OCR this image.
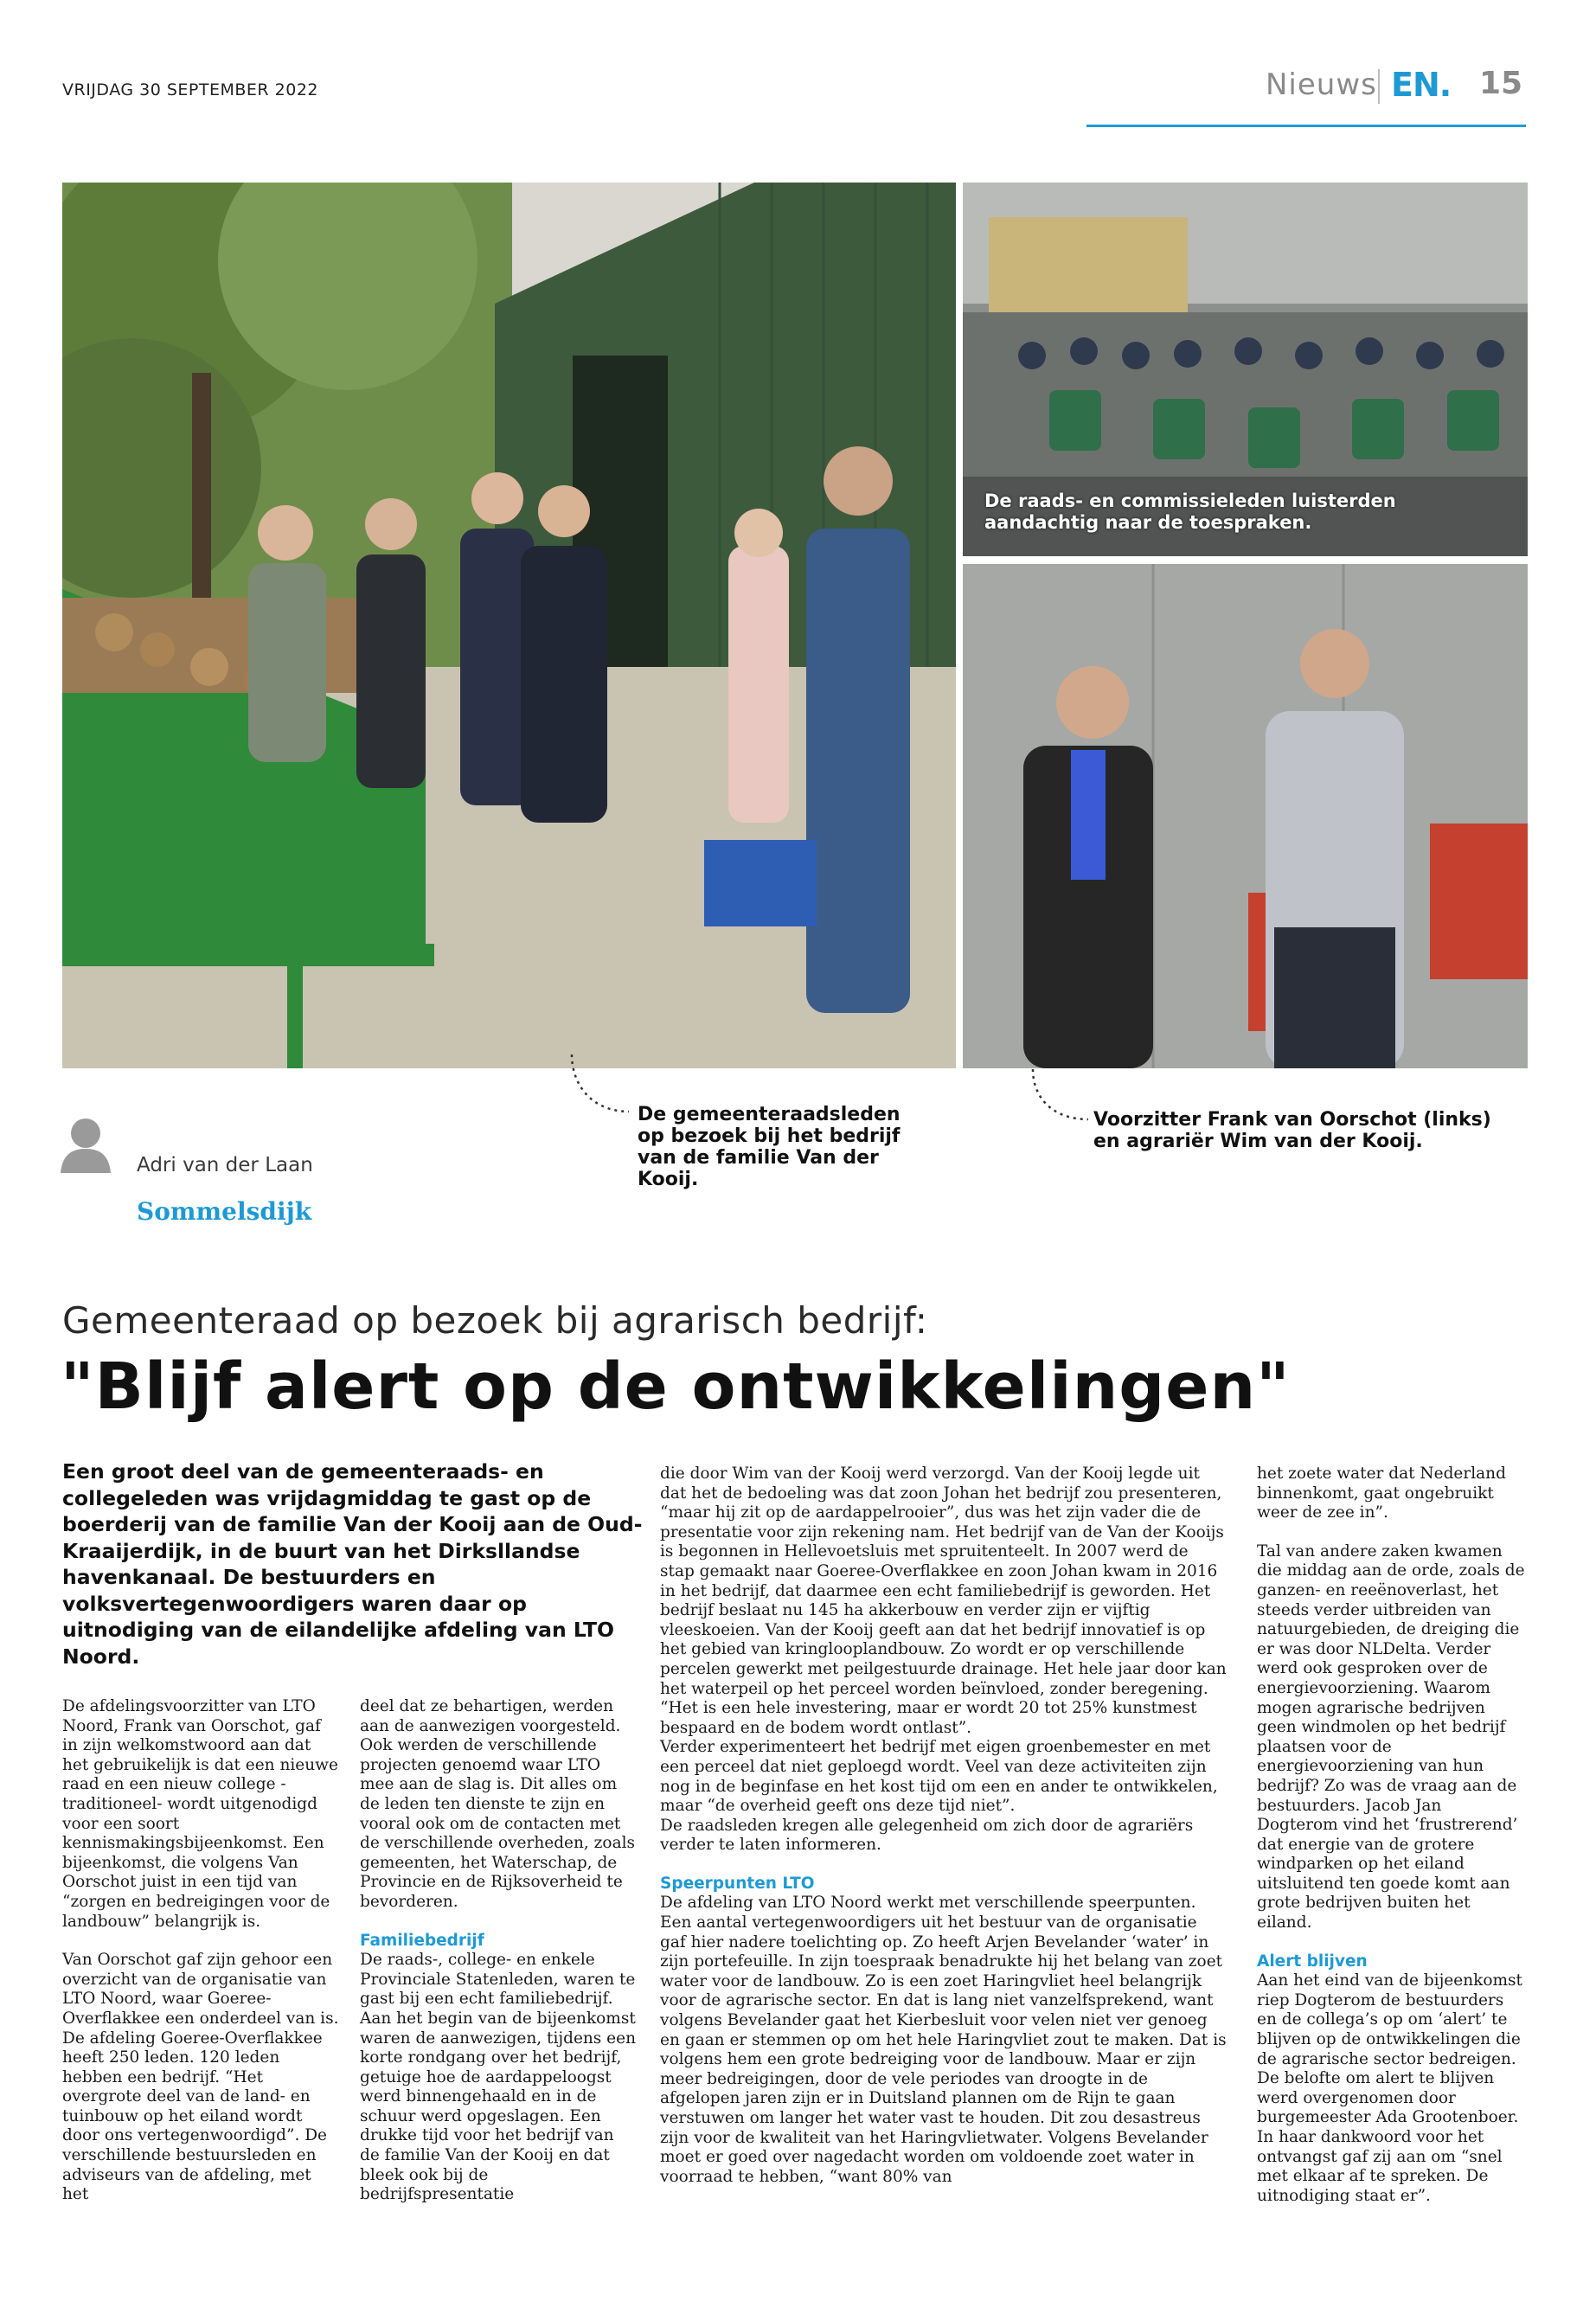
VRIJDAG 30 SEPTEMBER 2022	Nieuws EN. 15
De raads- en commissieleden luisterden aandachtig naar de toespraken.
De gemeenteraadsleden op bezoek bij het bedrijf van de familie Van der Kooij.
Voorzitter Frank van Oorschot (links) en agrariër Wim van der Kooij.
Adri van der Laan
Sommelsdijk
Gemeenteraad op bezoek bij agrarisch bedrijf:
"Blijf alert op de ontwikkelingen"
Een groot deel van de gemeenteraads- en collegeleden was vrijdagmiddag te gast op de boerderij van de familie Van der Kooij aan de Oud-Kraaijerdijk, in de buurt van het Dirksllandse havenkanaal. De bestuurders en volksvertegenwoordigers waren daar op uitnodiging van de eilandelijke afdeling van LTO Noord.

De afdelingsvoorzitter van LTO Noord, Frank van Oorschot, gaf in zijn welkomstwoord aan dat het gebruikelijk is dat een nieuwe raad en een nieuw college -traditioneel- wordt uitgenodigd voor een soort kennismakingsbijeenkomst. Een bijeenkomst, die volgens Van Oorschot juist in een tijd van “zorgen en bedreigingen voor de landbouw” belangrijk is.

Van Oorschot gaf zijn gehoor een overzicht van de organisatie van LTO Noord, waar Goeree-Overflakkee een onderdeel van is. De afdeling Goeree-Overflakkee heeft 250 leden. 120 leden hebben een bedrijf. “Het overgrote deel van de land- en tuinbouw op het eiland wordt door ons vertegenwoordigd”. De verschillende bestuursleden en adviseurs van de afdeling, met het

deel dat ze behartigen, werden aan de aanwezigen voorgesteld. Ook werden de verschillende projecten genoemd waar LTO mee aan de slag is. Dit alles om de leden ten dienste te zijn en vooral ook om de contacten met de verschillende overheden, zoals gemeenten, het Waterschap, de Provincie en de Rijksoverheid te bevorderen.

Familiebedrijf

De raads-, college- en enkele Provinciale Statenleden, waren te gast bij een echt familiebedrijf. Aan het begin van de bijeenkomst waren de aanwezigen, tijdens een korte rondgang over het bedrijf, getuige hoe de aardappeloogst werd binnengehaald en in de schuur werd opgeslagen. Een drukke tijd voor het bedrijf van de familie Van der Kooij en dat bleek ook bij de bedrijfspresentatie

die door Wim van der Kooij werd verzorgd. Van der Kooij legde uit dat het de bedoeling was dat zoon Johan het bedrijf zou presenteren, “maar hij zit op de aardappelrooier”, dus was het zijn vader die de presentatie voor zijn rekening nam. Het bedrijf van de Van der Kooijs is begonnen in Hellevoetsluis met spruitenteelt. In 2007 werd de stap gemaakt naar Goeree-Overflakkee en zoon Johan kwam in 2016 in het bedrijf, dat daarmee een echt familiebedrijf is geworden. Het bedrijf beslaat nu 145 ha akkerbouw en verder zijn er vijftig vleeskoeien. Van der Kooij geeft aan dat het bedrijf innovatief is op het gebied van kringlooplandbouw. Zo wordt er op verschillende percelen gewerkt met peilgestuurde drainage. Het hele jaar door kan het waterpeil op het perceel worden beïnvloed, zonder beregening. “Het is een hele investering, maar er wordt 20 tot 25% kunstmest bespaard en de bodem wordt ontlast”.

Verder experimenteert het bedrijf met eigen groenbemester en met een perceel dat niet geploegd wordt. Veel van deze activiteiten zijn nog in de beginfase en het kost tijd om een en ander te ontwikkelen, maar “de overheid geeft ons deze tijd niet”.

De raadsleden kregen alle gelegenheid om zich door de agrariërs verder te laten informeren.

Speerpunten LTO

De afdeling van LTO Noord werkt met verschillende speerpunten. Een aantal vertegenwoordigers uit het bestuur van de organisatie gaf hier nadere toelichting op. Zo heeft Arjen Bevelander ‘water’ in zijn portefeuille. In zijn toespraak benadrukte hij het belang van zoet water voor de landbouw. Zo is een zoet Haringvliet heel belangrijk voor de agrarische sector. En dat is lang niet vanzelfsprekend, want volgens Bevelander gaat het Kierbesluit voor velen niet ver genoeg en gaan er stemmen op om het hele Haringvliet zout te maken. Dat is volgens hem een grote bedreiging voor de landbouw. Maar er zijn meer bedreigingen, door de vele periodes van droogte in de afgelopen jaren zijn er in Duitsland plannen om de Rijn te gaan verstuwen om langer het water vast te houden. Dit zou desastreus zijn voor de kwaliteit van het Haringvlietwater. Volgens Bevelander moet er goed over nagedacht worden om voldoende zoet water in voorraad te hebben, “want 80% van

het zoete water dat Nederland binnenkomt, gaat ongebruikt weer de zee in”.

Tal van andere zaken kwamen die middag aan de orde, zoals de ganzen- en reeënoverlast, het steeds verder uitbreiden van natuurgebieden, de dreiging die er was door NLDelta. Verder werd ook gesproken over de energievoorziening. Waarom mogen agrarische bedrijven geen windmolen op het bedrijf plaatsen voor de energievoorziening van hun bedrijf? Zo was de vraag aan de bestuurders. Jacob Jan Dogterom vind het ‘frustrerend’ dat energie van de grotere windparken op het eiland uitsluitend ten goede komt aan grote bedrijven buiten het eiland.

Alert blijven

Aan het eind van de bijeenkomst riep Dogterom de bestuurders en de collega’s op om ‘alert’ te blijven op de ontwikkelingen die de agrarische sector bedreigen. De belofte om alert te blijven werd overgenomen door burgemeester Ada Grootenboer. In haar dankwoord voor het ontvangst gaf zij aan om “snel met elkaar af te spreken. De uitnodiging staat er”.
